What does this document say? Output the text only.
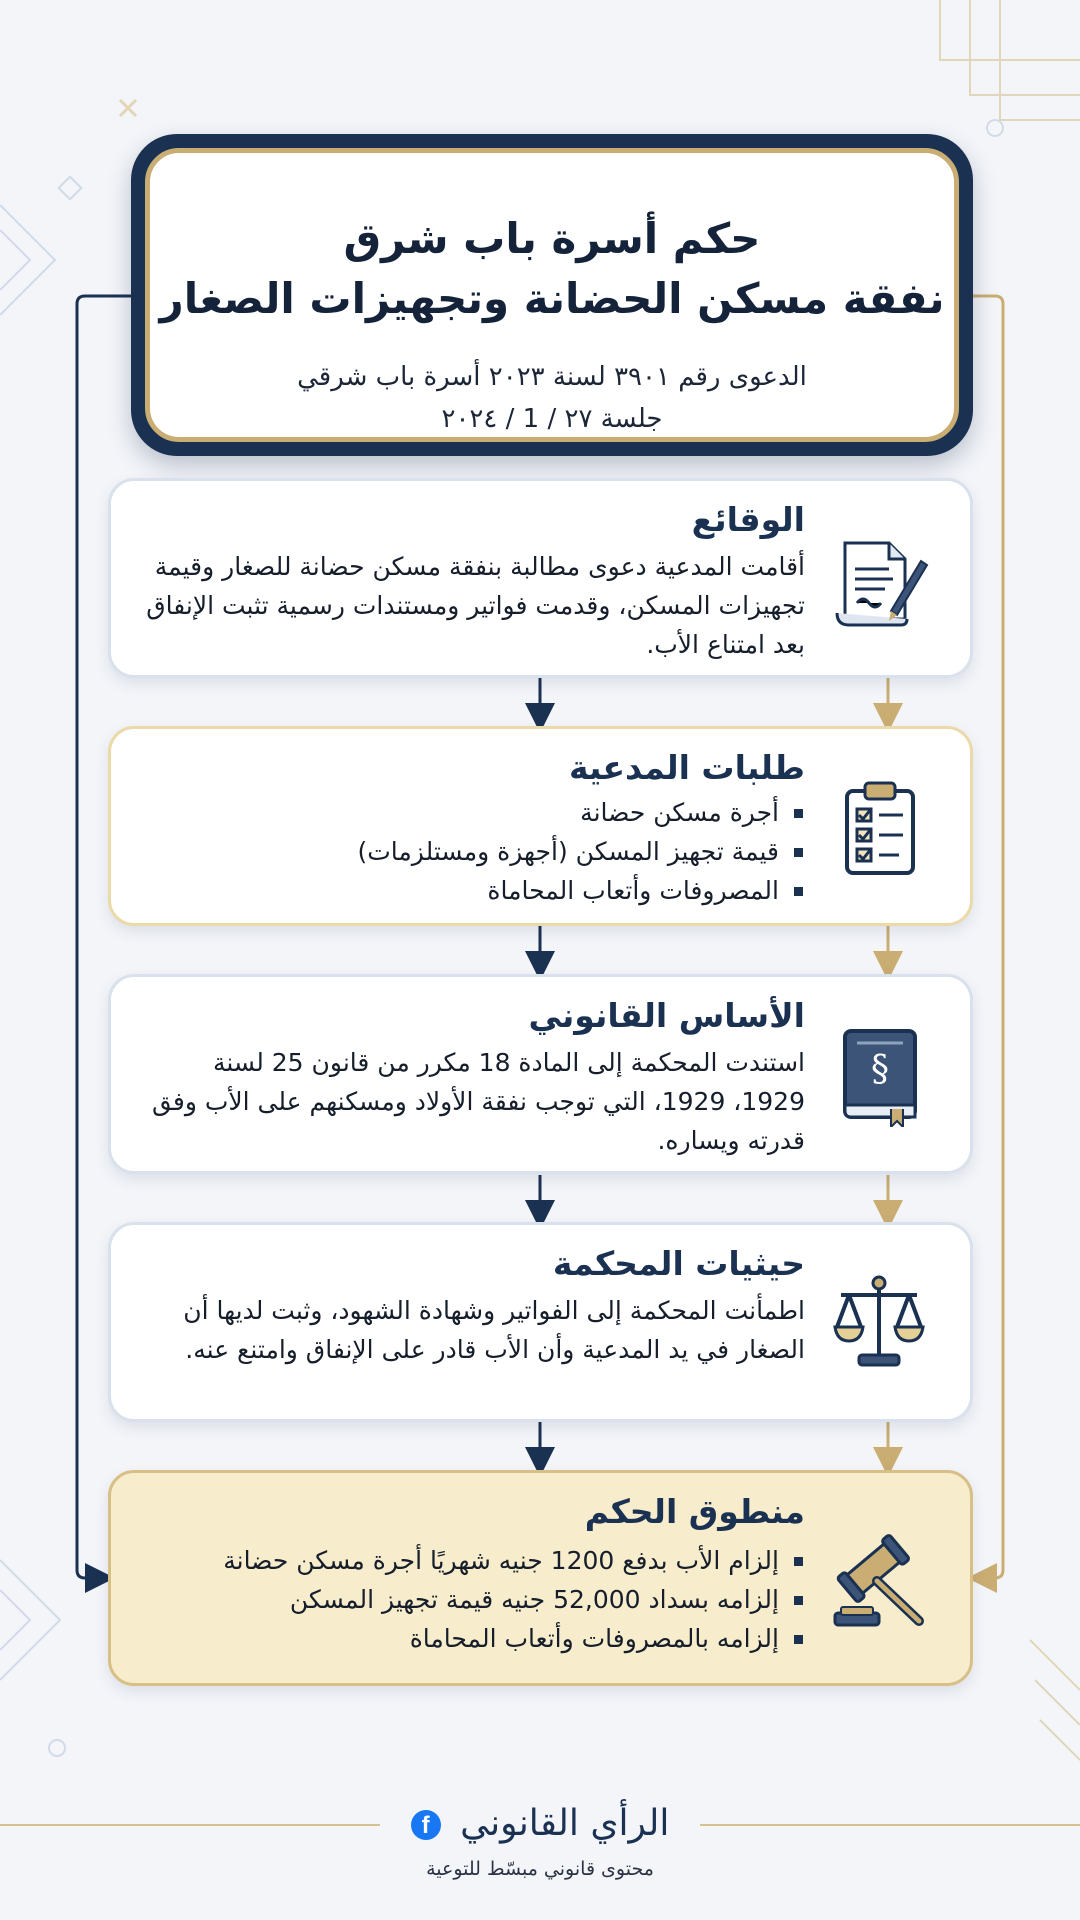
حكم أسرة باب شرق
نفقة مسكن الحضانة وتجهيزات الصغار
الدعوى رقم ٣٩٠١ لسنة ٢٠٢٣ أسرة باب شرقي
جلسة ٢٧ / 1 / ٢٠٢٤
الوقائع
أقامت المدعية دعوى مطالبة بنفقة مسكن حضانة للصغار وقيمة تجهيزات المسكن، وقدمت فواتير ومستندات رسمية تثبت الإنفاق بعد امتناع الأب.
طلبات المدعية
أجرة مسكن حضانة
قيمة تجهيز المسكن (أجهزة ومستلزمات)
المصروفات وأتعاب المحاماة
الأساس القانوني
استندت المحكمة إلى المادة 18 مكرر من قانون 25 لسنة 1929، 1929، التي توجب نفقة الأولاد ومسكنهم على الأب وفق قدرته ويساره.
§
حيثيات المحكمة
اطمأنت المحكمة إلى الفواتير وشهادة الشهود، وثبت لديها أن الصغار في يد المدعية وأن الأب قادر على الإنفاق وامتنع عنه.
منطوق الحكم
إلزام الأب بدفع 1200 جنيه شهريًا أجرة مسكن حضانة
إلزامه بسداد 52,000 جنيه قيمة تجهيز المسكن
إلزامه بالمصروفات وأتعاب المحاماة
الرأي القانوني f
محتوى قانوني مبسّط للتوعية
